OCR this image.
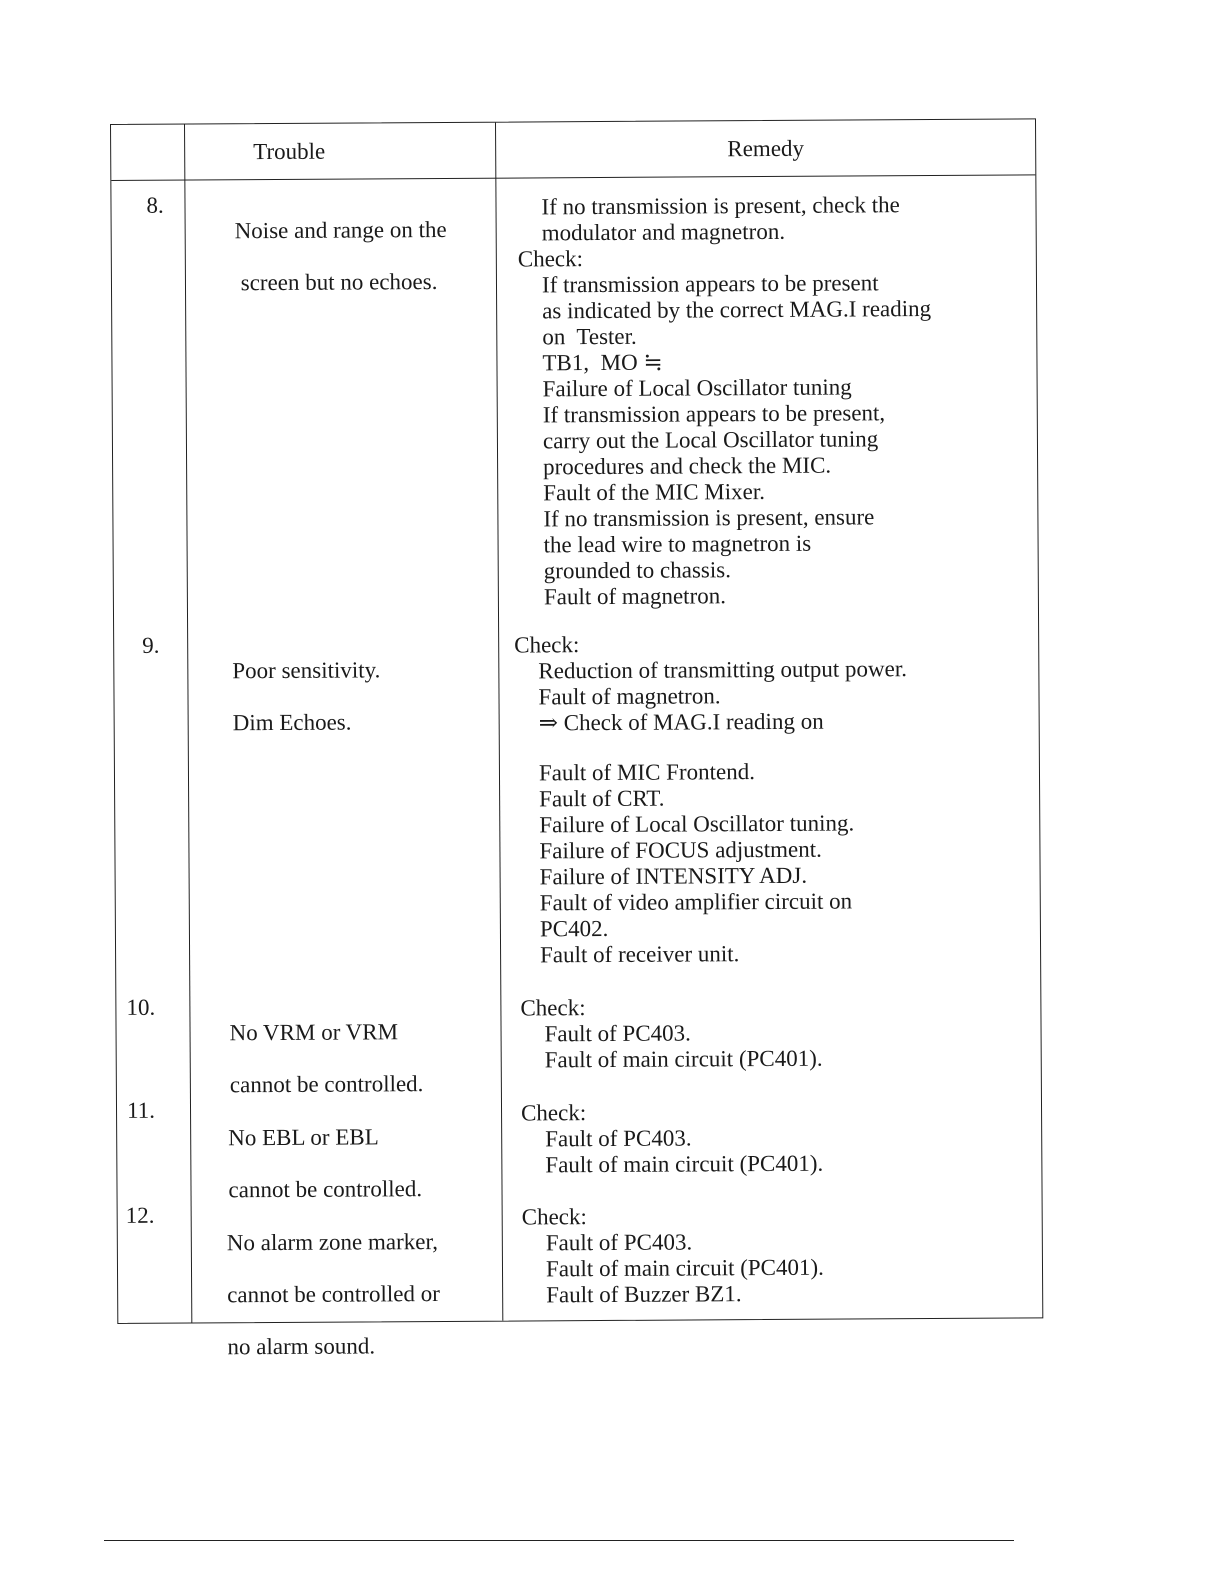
Trouble	Remedy
8.

Noise and range on the

screen but no echoes.

If no transmission is present, check the
modulator and magnetron.
Check:
If transmission appears to be present
as indicated by the correct MAG.I reading
on  Tester.
TB1,  MO ≒
Failure of Local Oscillator tuning
If transmission appears to be present,
carry out the Local Oscillator tuning
procedures and check the MIC.
Fault of the MIC Mixer.
If no transmission is present, ensure
the lead wire to magnetron is
grounded to chassis.
Fault of magnetron.
9.

Poor sensitivity.

Dim Echoes.

Check:
Reduction of transmitting output power.
Fault of magnetron.
⇒ Check of MAG.I reading on
Fault of MIC Frontend.
Fault of CRT.
Failure of Local Oscillator tuning.
Failure of FOCUS adjustment.
Failure of INTENSITY ADJ.
Fault of video amplifier circuit on
PC402.
Fault of receiver unit.
10.

No VRM or VRM

cannot be controlled.

Check:
Fault of PC403.
Fault of main circuit (PC401).
11.

No EBL or EBL

cannot be controlled.

Check:
Fault of PC403.
Fault of main circuit (PC401).
12.

No alarm zone marker,

cannot be controlled or

no alarm sound.

Check:
Fault of PC403.
Fault of main circuit (PC401).
Fault of Buzzer BZ1.
